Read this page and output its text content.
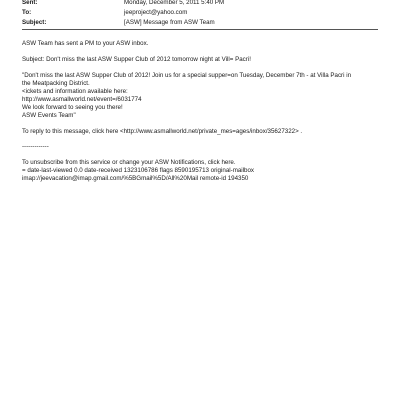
Sent:	Monday, December 5, 2011 5:40 PM
To:	jeeproject@yahoo.com
Subject:	[ASW] Message from ASW Team

ASW Team has sent a PM to your ASW inbox.

Subject: Don't miss the last ASW Supper Club of 2012 tomorrow night at Vill= Pacri!

"Don't miss the last ASW Supper Club of 2012! Join us for a special supper=on Tuesday, December 7th - at Villa Pacri in
the Meatpacking District.
<ickets and information available here:
http://www.asmallworld.net/event=/6031774
We look forward to seeing you there!
ASW Events Team"

To reply to this message, click here <http://www.asmallworld.net/private_mes=ages/inbox/35627322> .

-------------

To unsubscribe from this service or change your ASW Notifications, click here.
= date-last-viewed 0.0 date-received 1323106786 flags 8590195713 original-mailbox
imap://jeevacation@imap.gmail.com/%5BGmail%5D/All%20Mail remote-id 194350
